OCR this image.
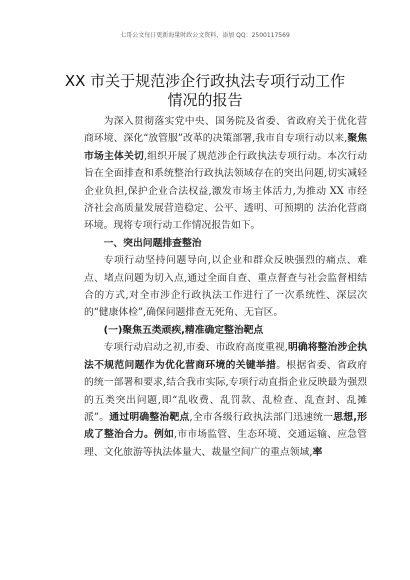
七哥公文每日更新海量时政公文资料，添加 QQ：2500117569
XX 市关于规范涉企行政执法专项行动工作情况的报告

为深入贯彻落实党中央、国务院及省委、省政府关于优化营商环境、深化“放管服”改革的决策部署,我市自专项行动以来,聚焦市场主体关切,组织开展了规范涉企行政执法专项行动。本次行动旨在全面排查和系统整治行政执法领域存在的突出问题,切实减轻企业负担,保护企业合法权益,激发市场主体活力,为推动 XX 市经济社会高质量发展营造稳定、公平、透明、可预期的 法治化营商环境。现将专项行动工作情况报告如下。

一、突出问题排查整治

专项行动坚持问题导向,以企业和群众反映强烈的痛点、难点、堵点问题为切入点,通过全面自查、重点督查与社会监督相结合的方式,对全市涉企行政执法工作进行了一次系统性、深层次的“健康体检”,确保问题排查无死角、无盲区。

(一)聚焦五类顽疾,精准确定整治靶点

专项行动启动之初,市委、市政府高度重视,明确将整治涉企执法不规范问题作为优化营商环境的关键举措。根据省委、省政府的统一部署和要求,结合我市实际,专项行动直指企业反映最为强烈的五类突出问题,即“乱收费、乱罚款、乱检查、乱查封、乱摊派”。通过明确整治靶点,全市各级行政执法部门迅速统一思想,形成了整治合力。例如,市市场监管、生态环境、交通运输、应急管理、文化旅游等执法体量大、裁量空间广的重点领域,率
